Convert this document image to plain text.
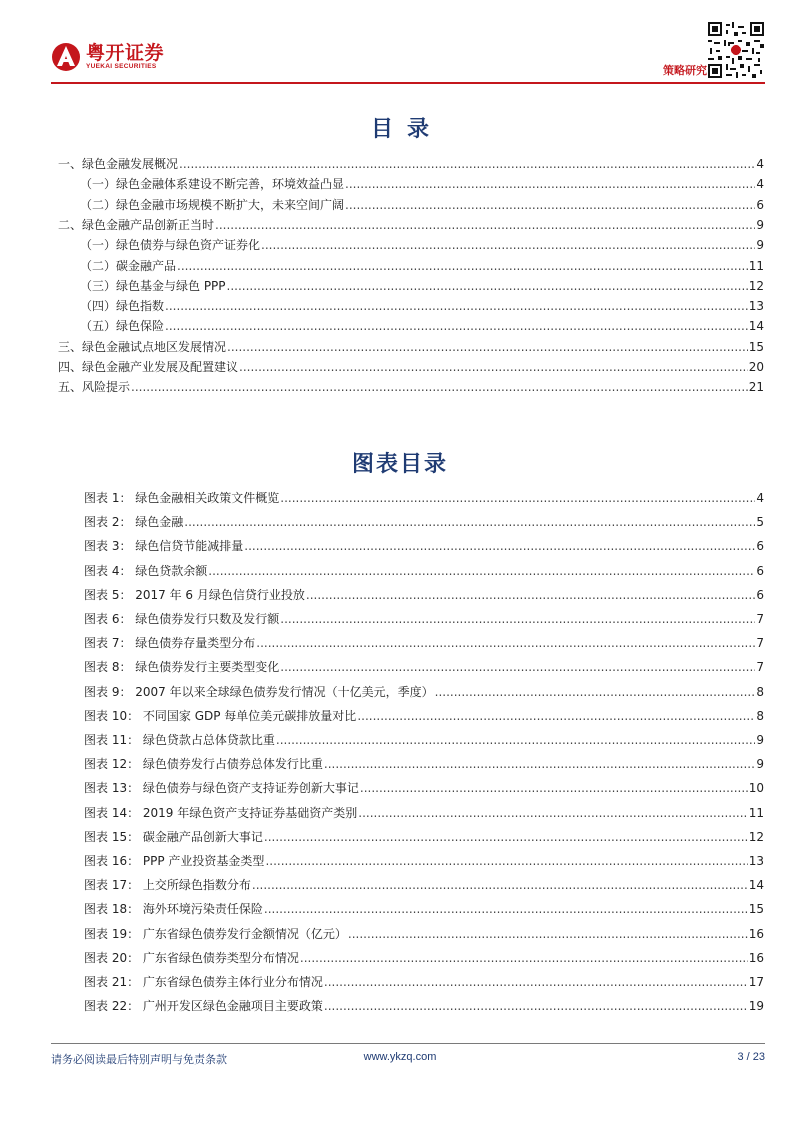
粤开证券
YUEKAI SECURITIES	策略研究
目录
一、绿色金融发展概况 .....	4
（一）绿色金融体系建设不断完善，环境效益凸显 .....	4
（二）绿色金融市场规模不断扩大，未来空间广阔 .....	6
二、绿色金融产品创新正当时 .....	9
（一）绿色债券与绿色资产证券化 .....	9
（二）碳金融产品 .....	11
（三）绿色基金与绿色 PPP .....	12
（四）绿色指数 .....	13
（五）绿色保险 .....	14
三、绿色金融试点地区发展情况 .....	15
四、绿色金融产业发展及配置建议 .....	20
五、风险提示 .....	21
图表目录
图表 1： 绿色金融相关政策文件概览 .....	4
图表 2： 绿色金融 .....	5
图表 3： 绿色信贷节能减排量 .....	6
图表 4： 绿色贷款余额 .....	6
图表 5： 2017 年 6 月绿色信贷行业投放 .....	6
图表 6： 绿色债券发行只数及发行额 .....	7
图表 7： 绿色债券存量类型分布 .....	7
图表 8： 绿色债券发行主要类型变化 .....	7
图表 9： 2007 年以来全球绿色债券发行情况（十亿美元，季度） .....	8
图表 10： 不同国家 GDP 每单位美元碳排放量对比 .....	8
图表 11： 绿色贷款占总体贷款比重 .....	9
图表 12： 绿色债券发行占债券总体发行比重 .....	9
图表 13： 绿色债券与绿色资产支持证券创新大事记 .....	10
图表 14： 2019 年绿色资产支持证券基础资产类别 .....	11
图表 15： 碳金融产品创新大事记 .....	12
图表 16： PPP 产业投资基金类型 .....	13
图表 17： 上交所绿色指数分布 .....	14
图表 18： 海外环境污染责任保险 .....	15
图表 19： 广东省绿色债券发行金额情况（亿元） .....	16
图表 20： 广东省绿色债券类型分布情况 .....	16
图表 21： 广东省绿色债券主体行业分布情况 .....	17
图表 22： 广州开发区绿色金融项目主要政策 .....	19
请务必阅读最后特别声明与免责条款	www.ykzq.com	3 / 23
